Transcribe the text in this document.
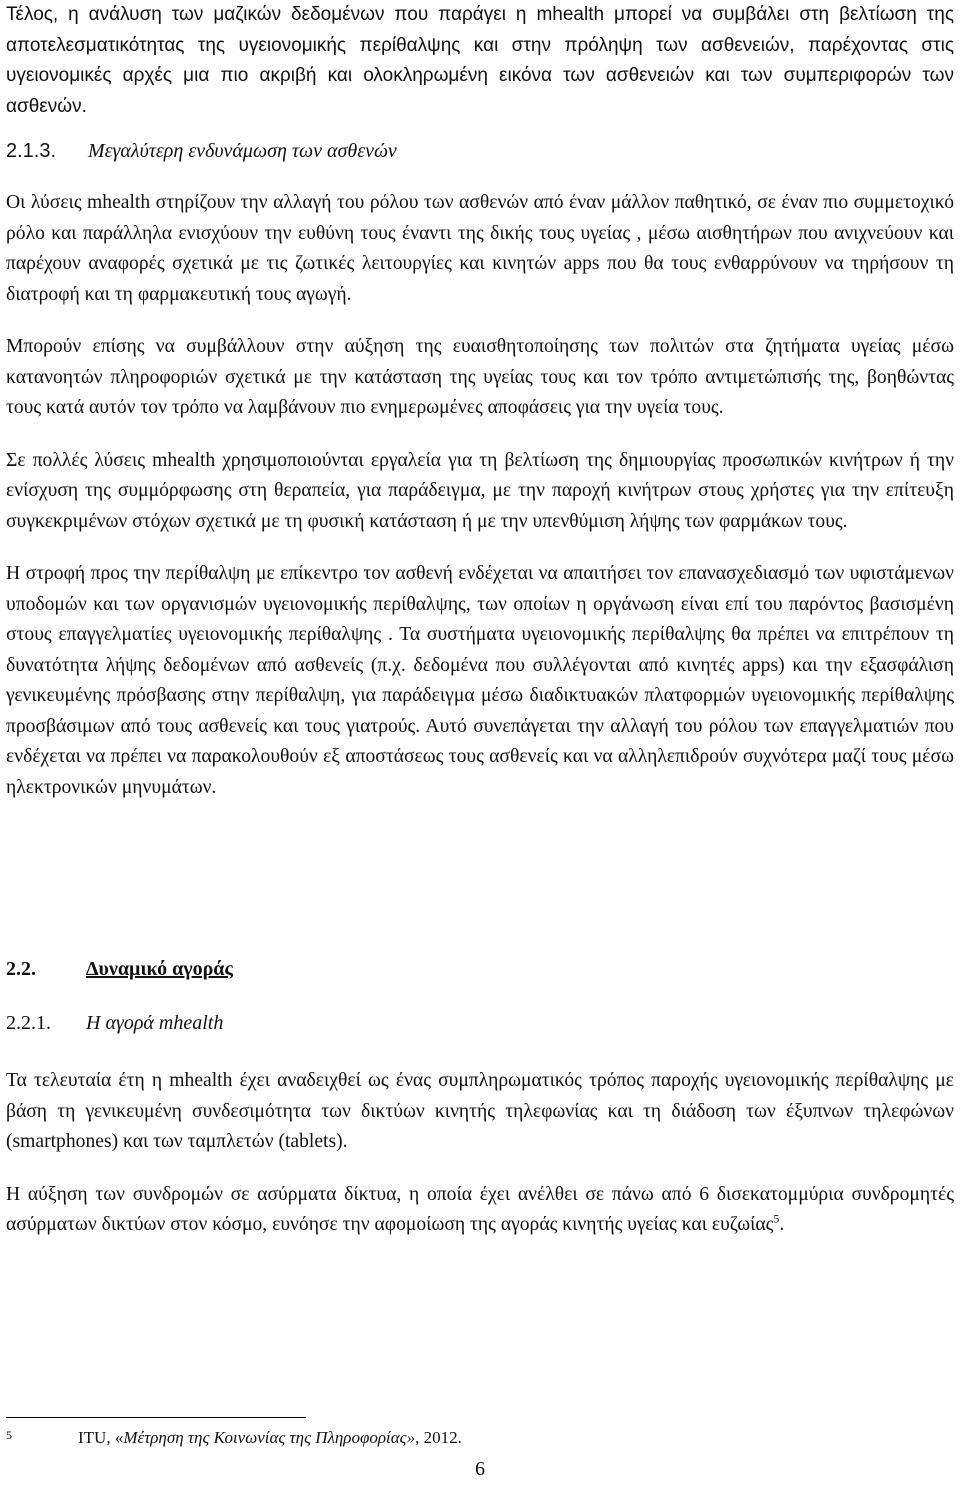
Τέλος, η ανάλυση των μαζικών δεδομένων που παράγει η mhealth μπορεί να συμβάλει στη βελτίωση της αποτελεσματικότητας της υγειονομικής περίθαλψης και στην πρόληψη των ασθενειών, παρέχοντας στις υγειονομικές αρχές μια πιο ακριβή και ολοκληρωμένη εικόνα των ασθενειών και των συμπεριφορών των ασθενών.

2.1.3. Μεγαλύτερη ενδυνάμωση των ασθενών

Οι λύσεις mhealth στηρίζουν την αλλαγή του ρόλου των ασθενών από έναν μάλλον παθητικό, σε έναν πιο συμμετοχικό ρόλο και παράλληλα ενισχύουν την ευθύνη τους έναντι της δικής τους υγείας , μέσω αισθητήρων που ανιχνεύουν και παρέχουν αναφορές σχετικά με τις ζωτικές λειτουργίες και κινητών apps που θα τους ενθαρρύνουν να τηρήσουν τη διατροφή και τη φαρμακευτική τους αγωγή.

Μπορούν επίσης να συμβάλλουν στην αύξηση της ευαισθητοποίησης των πολιτών στα ζητήματα υγείας μέσω κατανοητών πληροφοριών σχετικά με την κατάσταση της υγείας τους και τον τρόπο αντιμετώπισής της, βοηθώντας τους κατά αυτόν τον τρόπο να λαμβάνουν πιο ενημερωμένες αποφάσεις για την υγεία τους.

Σε πολλές λύσεις mhealth χρησιμοποιούνται εργαλεία για τη βελτίωση της δημιουργίας προσωπικών κινήτρων ή την ενίσχυση της συμμόρφωσης στη θεραπεία, για παράδειγμα, με την παροχή κινήτρων στους χρήστες για την επίτευξη συγκεκριμένων στόχων σχετικά με τη φυσική κατάσταση ή με την υπενθύμιση λήψης των φαρμάκων τους.

Η στροφή προς την περίθαλψη με επίκεντρο τον ασθενή ενδέχεται να απαιτήσει τον επανασχεδιασμό των υφιστάμενων υποδομών και των οργανισμών υγειονομικής περίθαλψης, των οποίων η οργάνωση είναι επί του παρόντος βασισμένη στους επαγγελματίες υγειονομικής περίθαλψης . Τα συστήματα υγειονομικής περίθαλψης θα πρέπει να επιτρέπουν τη δυνατότητα λήψης δεδομένων από ασθενείς (π.χ. δεδομένα που συλλέγονται από κινητές apps) και την εξασφάλιση γενικευμένης πρόσβασης στην περίθαλψη, για παράδειγμα μέσω διαδικτυακών πλατφορμών υγειονομικής περίθαλψης προσβάσιμων από τους ασθενείς και τους γιατρούς. Αυτό συνεπάγεται την αλλαγή του ρόλου των επαγγελματιών που ενδέχεται να πρέπει να παρακολουθούν εξ αποστάσεως τους ασθενείς και να αλληλεπιδρούν συχνότερα μαζί τους μέσω ηλεκτρονικών μηνυμάτων.

2.2.	Δυναμικό αγοράς
2.2.1. Η αγορά mhealth

Τα τελευταία έτη η mhealth έχει αναδειχθεί ως ένας συμπληρωματικός τρόπος παροχής υγειονομικής περίθαλψης με βάση τη γενικευμένη συνδεσιμότητα των δικτύων κινητής τηλεφωνίας και τη διάδοση των έξυπνων τηλεφώνων (smartphones) και των ταμπλετών (tablets).

Η αύξηση των συνδρομών σε ασύρματα δίκτυα, η οποία έχει ανέλθει σε πάνω από 6 δισεκατομμύρια συνδρομητές ασύρματων δικτύων στον κόσμο, ευνόησε την αφομοίωση της αγοράς κινητής υγείας και ευζωίας$^5$.

5	ITU, «Μέτρηση της Κοινωνίας της Πληροφορίας», 2012.
6
